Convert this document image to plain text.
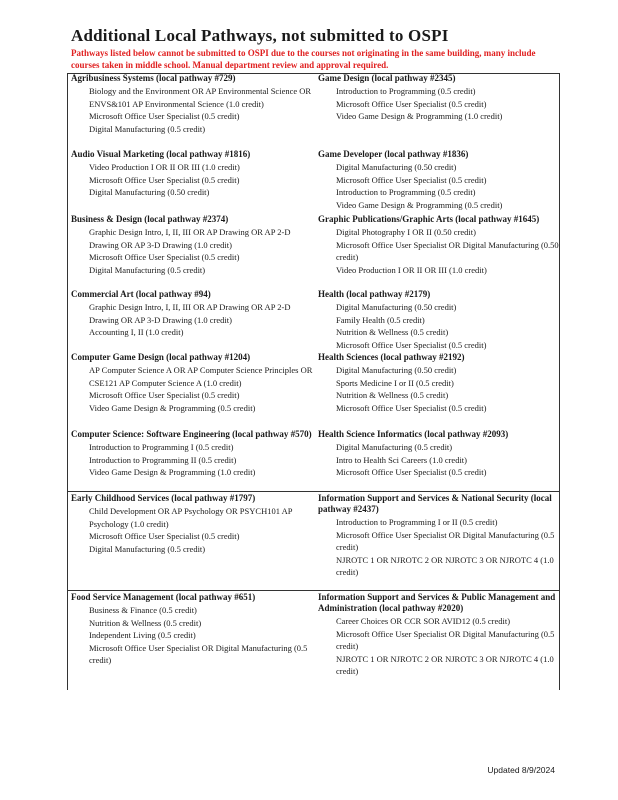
Additional Local Pathways, not submitted to OSPI
Pathways listed below cannot be submitted to OSPI due to the courses not originating in the same building, many include courses taken in middle school. Manual department review and approval required.
Agribusiness Systems (local pathway #729)
Biology and the Environment OR AP Environmental Science OR ENVS&101 AP Environmental Science (1.0 credit)
Microsoft Office User Specialist (0.5 credit)
Digital Manufacturing (0.5 credit)
Audio Visual Marketing (local pathway #1816)
Video Production I OR II OR III (1.0 credit)
Microsoft Office User Specialist (0.5 credit)
Digital Manufacturing (0.50 credit)
Business & Design (local pathway #2374)
Graphic Design Intro, I, II, III OR AP Drawing OR AP 2-D Drawing OR AP 3-D Drawing (1.0 credit)
Microsoft Office User Specialist (0.5 credit)
Digital Manufacturing (0.5 credit)
Commercial Art (local pathway #94)
Graphic Design Intro, I, II, III OR AP Drawing OR AP 2-D Drawing OR AP 3-D Drawing (1.0 credit)
Accounting I, II (1.0 credit)
Computer Game Design (local pathway #1204)
AP Computer Science A OR AP Computer Science Principles OR CSE121 AP Computer Science A (1.0 credit)
Microsoft Office User Specialist (0.5 credit)
Video Game Design & Programming (0.5 credit)
Computer Science: Software Engineering (local pathway #570)
Introduction to Programming I (0.5 credit)
Introduction to Programming II (0.5 credit)
Video Game Design & Programming (1.0 credit)
Early Childhood Services (local pathway #1797)
Child Development OR AP Psychology OR PSYCH101 AP Psychology (1.0 credit)
Microsoft Office User Specialist (0.5 credit)
Digital Manufacturing (0.5 credit)
Food Service Management (local pathway #651)
Business & Finance (0.5 credit)
Nutrition & Wellness (0.5 credit)
Independent Living (0.5 credit)
Microsoft Office User Specialist OR Digital Manufacturing (0.5 credit)
Game Design (local pathway #2345)
Introduction to Programming (0.5 credit)
Microsoft Office User Specialist (0.5 credit)
Video Game Design & Programming (1.0 credit)
Game Developer (local pathway #1836)
Digital Manufacturing (0.50 credit)
Microsoft Office User Specialist (0.5 credit)
Introduction to Programming (0.5 credit)
Video Game Design & Programming (0.5 credit)
Graphic Publications/Graphic Arts (local pathway #1645)
Digital Photography I OR II (0.50 credit)
Microsoft Office User Specialist OR Digital Manufacturing (0.50 credit)
Video Production I OR II OR III (1.0 credit)
Health (local pathway #2179)
Digital Manufacturing (0.50 credit)
Family Health (0.5 credit)
Nutrition & Wellness (0.5 credit)
Microsoft Office User Specialist (0.5 credit)
Health Sciences (local pathway #2192)
Digital Manufacturing (0.50 credit)
Sports Medicine I or II (0.5 credit)
Nutrition & Wellness (0.5 credit)
Microsoft Office User Specialist (0.5 credit)
Health Science Informatics (local pathway #2093)
Digital Manufacturing (0.5 credit)
Intro to Health Sci Careers (1.0 credit)
Microsoft Office User Specialist (0.5 credit)
Information Support and Services & National Security (local pathway #2437)
Introduction to Programming I or II (0.5 credit)
Microsoft Office User Specialist OR Digital Manufacturing (0.5 credit)
NJROTC 1 OR NJROTC 2 OR NJROTC 3 OR NJROTC 4 (1.0 credit)
Information Support and Services & Public Management and Administration (local pathway #2020)
Career Choices OR CCR SOR AVID12 (0.5 credit)
Microsoft Office User Specialist OR Digital Manufacturing (0.5 credit)
NJROTC 1 OR NJROTC 2 OR NJROTC 3 OR NJROTC 4 (1.0 credit)
Updated 8/9/2024
